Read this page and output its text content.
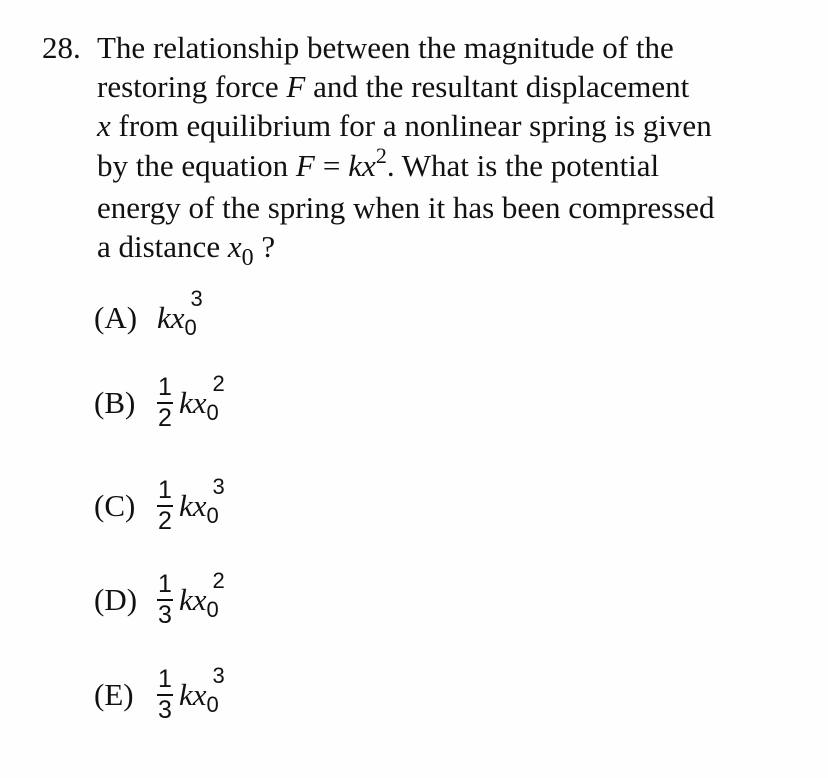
28. The relationship between the magnitude of the
restoring force F and the resultant displacement
x from equilibrium for a nonlinear spring is given
by the equation $F = kx^2$. What is the potential
energy of the spring when it has been compressed
a distance $x_0$ ?
(A) $kx_0$
3
$(B) \frac{1}{2} kx_0$
2
$(C) \frac{1}{2} kx_0$
3
$(D) \frac{1}{3} kx_0$
2
$(E) \frac{1}{3} kx_0$
3
